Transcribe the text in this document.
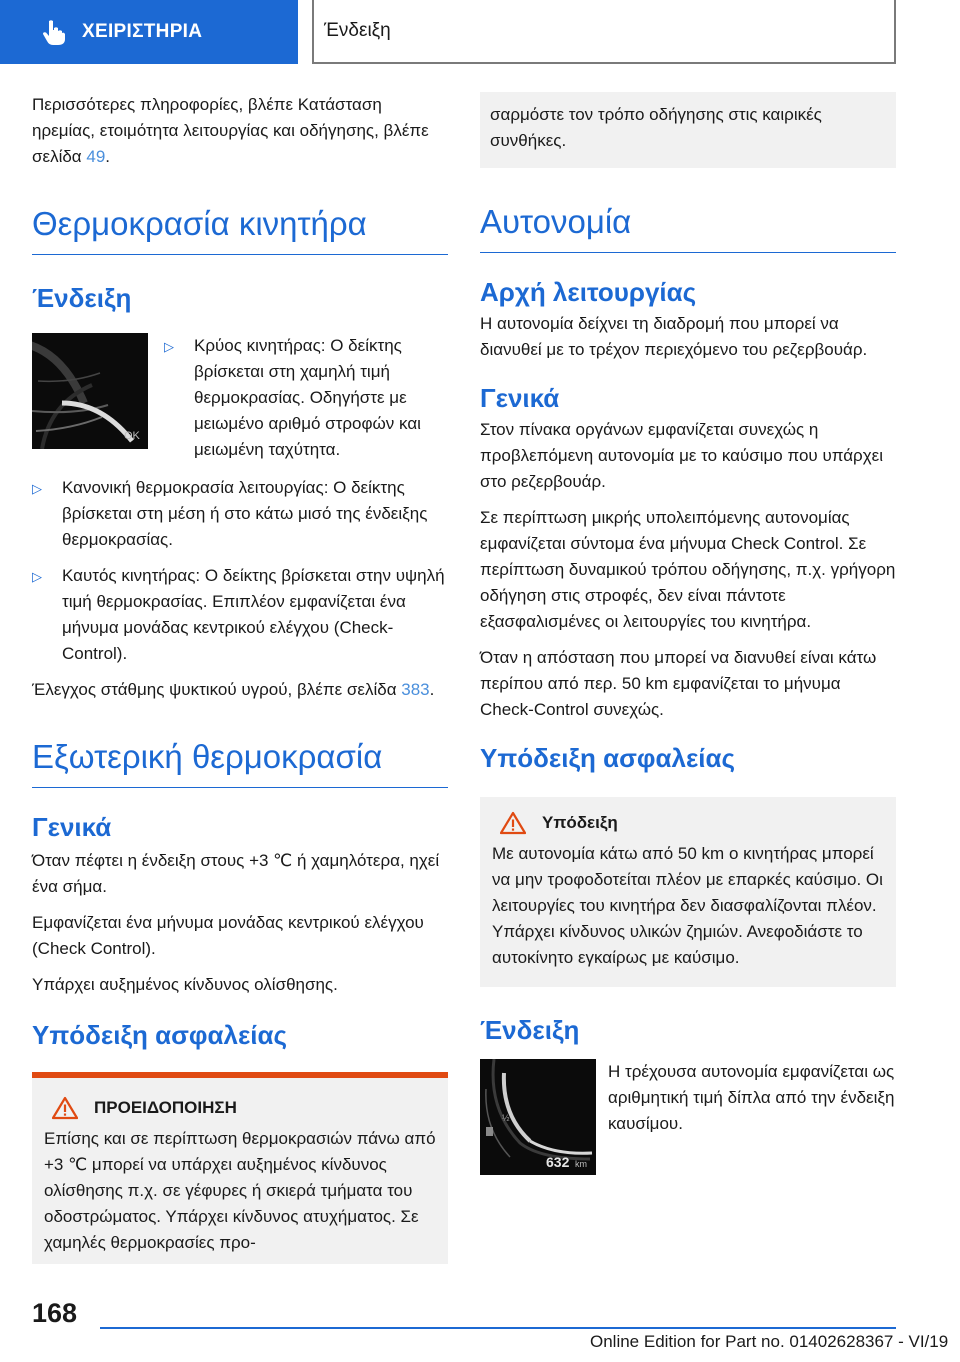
ΧΕΙΡΙΣΤΗΡΙΑ	Ένδειξη

Περισσότερες πληροφορίες, βλέπε Κατάσταση ηρεμίας, ετοιμότητα λειτουργίας και οδήγησης, βλέπε σελίδα 49.

Θερμοκρασία κινητήρα
Ένδειξη
OK
▷	Κρύος κινητήρας: Ο δείκτης βρίσκεται στη χαμηλή τιμή θερμοκρασίας. Οδηγήστε με μειωμένο αριθμό στροφών και μειωμένη ταχύτητα.
▷	Κανονική θερμοκρασία λειτουργίας: Ο δείκτης βρίσκεται στη μέση ή στο κάτω μισό της ένδειξης θερμοκρασίας.
▷	Καυτός κινητήρας: Ο δείκτης βρίσκεται στην υψηλή τιμή θερμοκρασίας. Επιπλέον εμφανίζεται ένα μήνυμα μονάδας κεντρικού ελέγχου (Check-Control).

Έλεγχος στάθμης ψυκτικού υγρού, βλέπε σελίδα 383.

Εξωτερική θερμοκρασία
Γενικά

Όταν πέφτει η ένδειξη στους +3 ℃ ή χαμηλότερα, ηχεί ένα σήμα.

Εμφανίζεται ένα μήνυμα μονάδας κεντρικού ελέγχου (Check Control).

Υπάρχει αυξημένος κίνδυνος ολίσθησης.

Υπόδειξη ασφαλείας
ΠΡΟΕΙΔΟΠΟΙΗΣΗ

Επίσης και σε περίπτωση θερμοκρασιών πάνω από +3 ℃ μπορεί να υπάρχει αυξημένος κίνδυνος ολίσθησης π.χ. σε γέφυρες ή σκιερά τμήματα του οδοστρώματος. Υπάρχει κίνδυνος ατυχήματος. Σε χαμηλές θερμοκρασίες προ-

σαρμόστε τον τρόπο οδήγησης στις καιρικές συνθήκες.

Αυτονομία
Αρχή λειτουργίας

Η αυτονομία δείχνει τη διαδρομή που μπορεί να διανυθεί με το τρέχον περιεχόμενο του ρεζερβουάρ.

Γενικά

Στον πίνακα οργάνων εμφανίζεται συνεχώς η προβλεπόμενη αυτονομία με το καύσιμο που υπάρχει στο ρεζερβουάρ.

Σε περίπτωση μικρής υπολειπόμενης αυτονομίας εμφανίζεται σύντομα ένα μήνυμα Check Control. Σε περίπτωση δυναμικού τρόπου οδήγησης, π.χ. γρήγορη οδήγηση στις στροφές, δεν είναι πάντοτε εξασφαλισμένες οι λειτουργίες του κινητήρα.

Όταν η απόσταση που μπορεί να διανυθεί είναι κάτω περίπου από περ. 50 km εμφανίζεται το μήνυμα Check-Control συνεχώς.

Υπόδειξη ασφαλείας
Υπόδειξη

Με αυτονομία κάτω από 50 km ο κινητήρας μπορεί να μην τροφοδοτείται πλέον με επαρκές καύσιμο. Οι λειτουργίες του κινητήρα δεν διασφαλίζονται πλέον. Υπάρχει κίνδυνος υλικών ζημιών. Ανεφοδιάστε το αυτοκίνητο εγκαίρως με καύσιμο.

Ένδειξη
½
632 km

Η τρέχουσα αυτονομία εμφανίζεται ως αριθμητική τιμή δίπλα από την ένδειξη καυσίμου.

168
Online Edition for Part no. 01402628367 - VI/19
